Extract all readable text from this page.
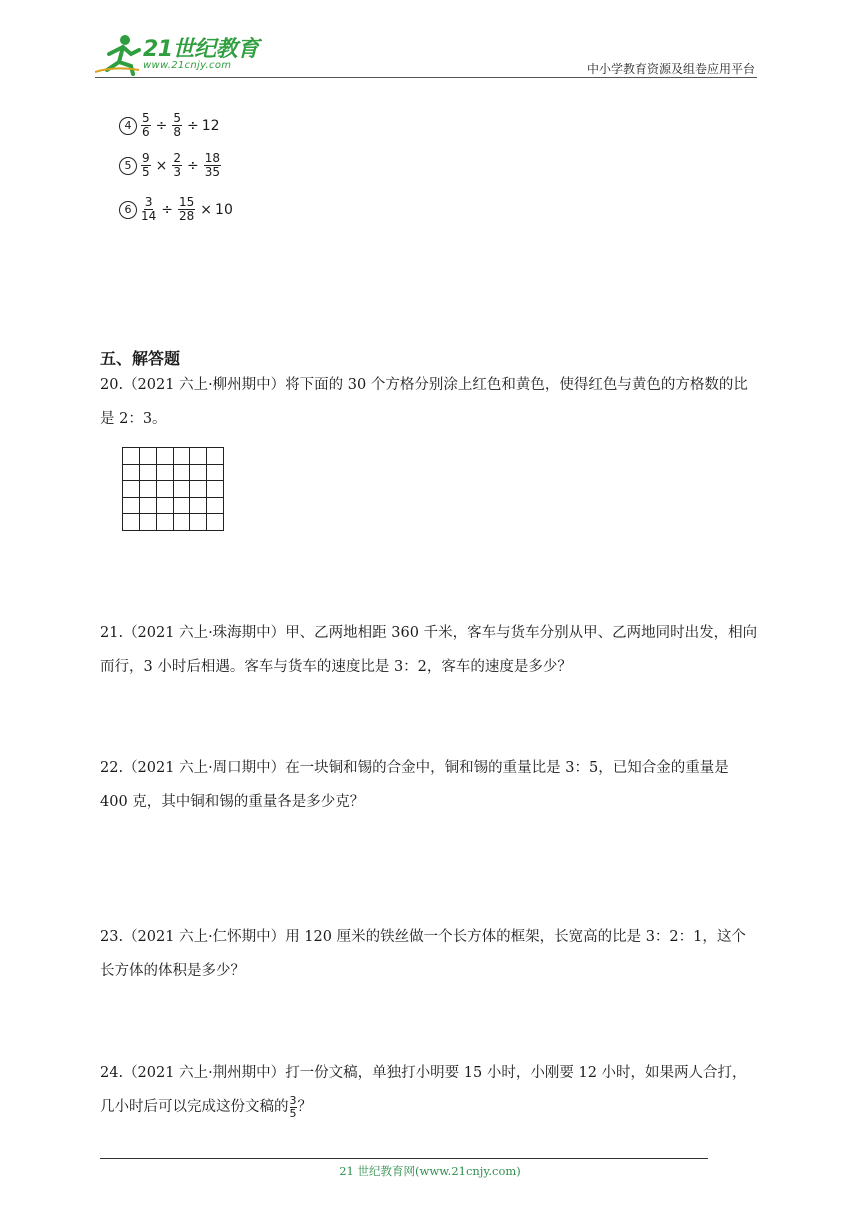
21世纪教育
www.21cnjy.com	中小学教育资源及组卷应用平台
$4 \frac{5}{6} \div \frac{5}{8} \div 12$
$5 \frac{9}{5} \times \frac{2}{3} \div \frac{18}{35}$
$6 \frac{3}{14} \div \frac{15}{28} \times 10$
五、解答题
20.（2021 六上·柳州期中）将下面的 30 个方格分别涂上红色和黄色，使得红色与黄色的方格数的比是 2：3。
21.（2021 六上·珠海期中）甲、乙两地相距 360 千米，客车与货车分别从甲、乙两地同时出发，相向而行，3 小时后相遇。客车与货车的速度比是 3：2，客车的速度是多少？
22.（2021 六上·周口期中）在一块铜和锡的合金中，铜和锡的重量比是 3：5，已知合金的重量是 400 克，其中铜和锡的重量各是多少克？
23.（2021 六上·仁怀期中）用 120 厘米的铁丝做一个长方体的框架，长宽高的比是 3：2：1，这个长方体的体积是多少？
24.（2021 六上·荆州期中）打一份文稿，单独打小明要 15 小时，小刚要 12 小时，如果两人合打，几小时后可以完成这份文稿的 $\frac{3}{5}$ ？
21 世纪教育网(www.21cnjy.com)
